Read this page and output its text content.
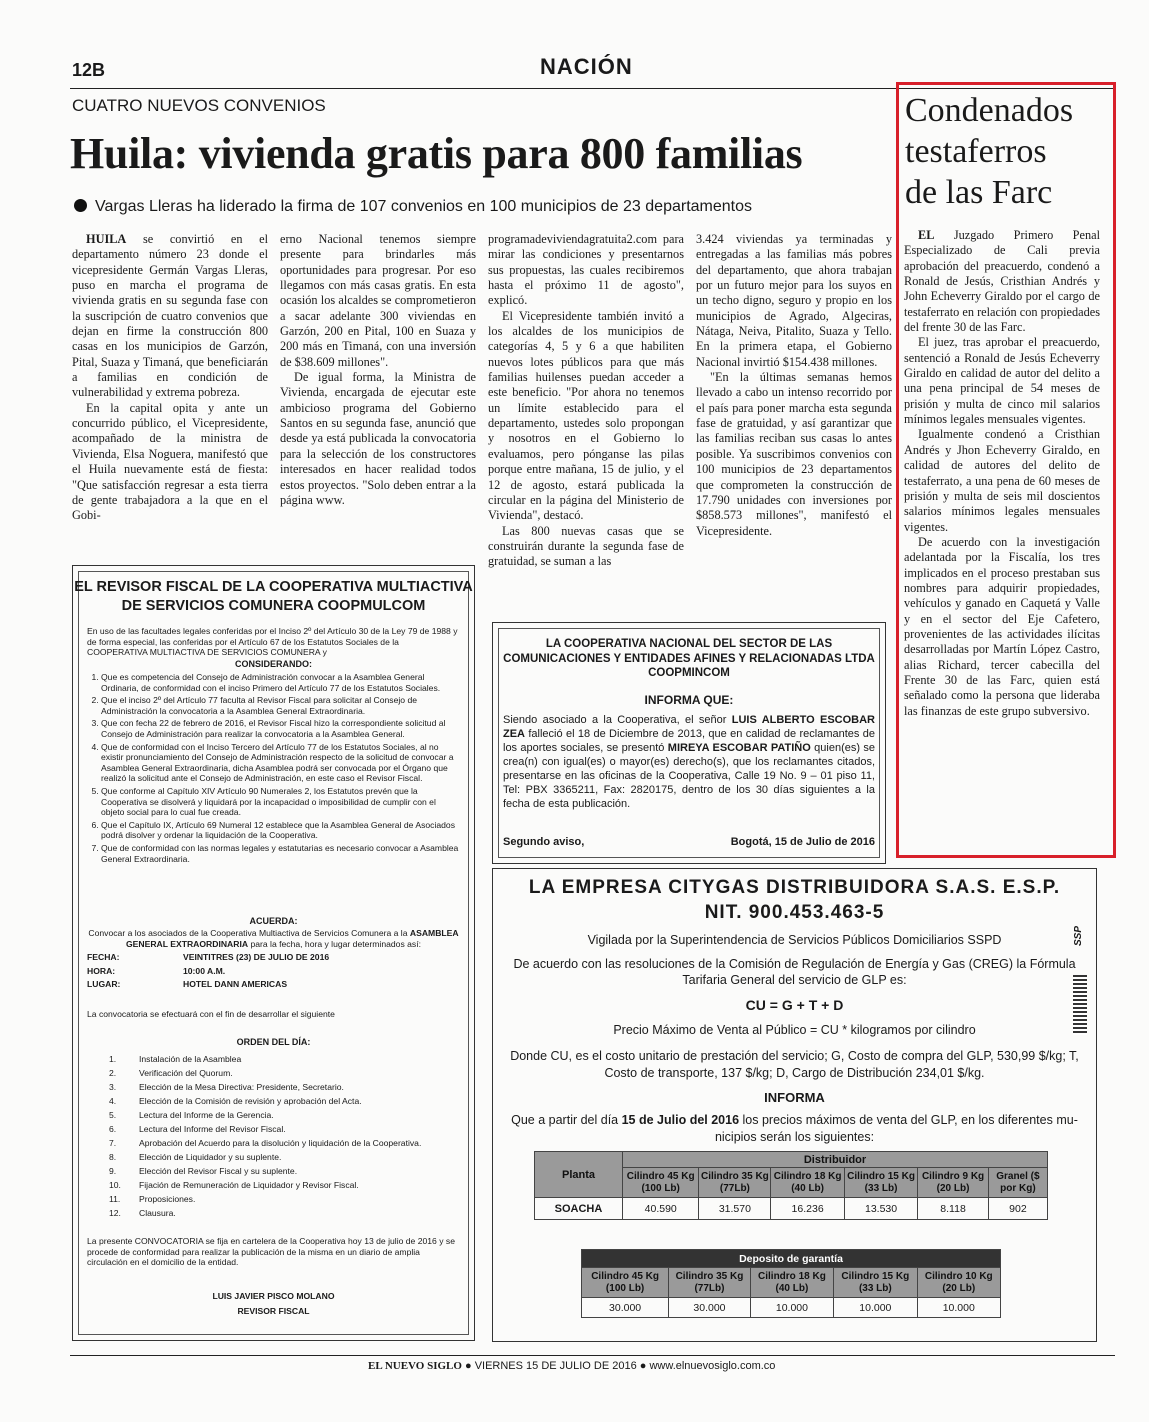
12B	NACIÓN
CUATRO NUEVOS CONVENIOS
Huila: vivienda gratis para 800 familias
Vargas Lleras ha liderado la firma de 107 convenios en 100 municipios de 23 departamentos

HUILA se convirtió en el departamento número 23 donde el vicepresidente Germán Vargas Lleras, puso en marcha el programa de vivienda gratis en su segunda fase con la suscripción de cuatro convenios que dejan en firme la construcción 800 casas en los municipios de Garzón, Pital, Suaza y Timaná, que beneficiarán a familias en condición de vulnerabilidad y extrema pobreza.

En la capital opita y ante un concurrido público, el Vicepresidente, acompañado de la ministra de Vivienda, Elsa Noguera, manifestó que el Huila nuevamente está de fiesta: "Que satisfacción regresar a esta tierra de gente trabajadora a la que en el Gobi-

erno Nacional tenemos siempre presente para brindarles más oportunidades para progresar. Por eso llegamos con más casas gratis. En esta ocasión los alcaldes se comprometieron a sacar adelante 300 viviendas en Garzón, 200 en Pital, 100 en Suaza y 200 más en Timaná, con una inversión de $38.609 millones".

De igual forma, la Ministra de Vivienda, encargada de ejecutar este ambicioso programa del Gobierno Santos en su segunda fase, anunció que desde ya está publicada la convocatoria para la selección de los constructores interesados en hacer realidad todos estos proyectos. "Solo deben entrar a la página www.

programadeviviendagratuita2.com para mirar las condiciones y presentarnos sus propuestas, las cuales recibiremos hasta el próximo 11 de agosto", explicó.

El Vicepresidente también invitó a los alcaldes de los municipios de categorías 4, 5 y 6 a que habiliten nuevos lotes públicos para que más familias huilenses puedan acceder a este beneficio. "Por ahora no tenemos un límite establecido para el departamento, ustedes solo propongan y nosotros en el Gobierno lo evaluamos, pero pónganse las pilas porque entre mañana, 15 de julio, y el 12 de agosto, estará publicada la circular en la página del Ministerio de Vivienda", destacó.

Las 800 nuevas casas que se construirán durante la segunda fase de gratuidad, se suman a las

3.424 viviendas ya terminadas y entregadas a las familias más pobres del departamento, que ahora trabajan por un futuro mejor para los suyos en un techo digno, seguro y propio en los municipios de Agrado, Algeciras, Nátaga, Neiva, Pitalito, Suaza y Tello. En la primera etapa, el Gobierno Nacional invirtió $154.438 millones.

"En la últimas semanas hemos llevado a cabo un intenso recorrido por el país para poner marcha esta segunda fase de gratuidad, y así garantizar que las familias reciban sus casas lo antes posible. Ya suscribimos convenios con 100 municipios de 23 departamentos que comprometen la construcción de 17.790 unidades con inversiones por $858.573 millones", manifestó el Vicepresidente.

Condenados
testaferros
de las Farc

EL Juzgado Primero Penal Especializado de Cali previa aprobación del preacuerdo, condenó a Ronald de Jesús, Cristhian Andrés y John Echeverry Giraldo por el cargo de testaferrato en relación con propiedades del frente 30 de las Farc.

El juez, tras aprobar el preacuerdo, sentenció a Ronald de Jesús Echeverry Giraldo en calidad de autor del delito a una pena principal de 54 meses de prisión y multa de cinco mil salarios mínimos legales mensuales vigentes.

Igualmente condenó a Cristhian Andrés y Jhon Echeverry Giraldo, en calidad de autores del delito de testaferrato, a una pena de 60 meses de prisión y multa de seis mil doscientos salarios mínimos legales mensuales vigentes.

De acuerdo con la investigación adelantada por la Fiscalía, los tres implicados en el proceso prestaban sus nombres para adquirir propiedades, vehículos y ganado en Caquetá y Valle y en el sector del Eje Cafetero, provenientes de las actividades ilícitas desarrolladas por Martín López Castro, alias Richard, tercer cabecilla del Frente 30 de las Farc, quien está señalado como la persona que lideraba las finanzas de este grupo subversivo.

EL REVISOR FISCAL DE LA COOPERATIVA MULTIACTIVA
DE SERVICIOS COMUNERA COOPMULCOM
En uso de las facultades legales conferidas por el Inciso 2º del Artículo 30 de la Ley 79 de 1988 y de forma especial, las conferidas por el Artículo 67 de los Estatutos Sociales de la COOPERATIVA MULTIACTIVA DE SERVICIOS COMUNERA y
CONSIDERANDO:
1. Que es competencia del Consejo de Administración convocar a la Asamblea General Ordinaria, de conformidad con el inciso Primero del Artículo 77 de los Estatutos Sociales.
2. Que el inciso 2º del Artículo 77 faculta al Revisor Fiscal para solicitar al Consejo de Administración la convocatoria a la Asamblea General Extraordinaria.
3. Que con fecha 22 de febrero de 2016, el Revisor Fiscal hizo la correspondiente solicitud al Consejo de Administración para realizar la convocatoria a la Asamblea General.
4. Que de conformidad con el Inciso Tercero del Artículo 77 de los Estatutos Sociales, al no existir pronunciamiento del Consejo de Administración respecto de la solicitud de convocar a Asamblea General Extraordinaria, dicha Asamblea podrá ser convocada por el Órgano que realizó la solicitud ante el Consejo de Administración, en este caso el Revisor Fiscal.
5. Que conforme al Capítulo XIV Artículo 90 Numerales 2, los Estatutos prevén que la Cooperativa se disolverá y liquidará por la incapacidad o imposibilidad de cumplir con el objeto social para lo cual fue creada.
6. Que el Capítulo IX, Artículo 69 Numeral 12 establece que la Asamblea General de Asociados podrá disolver y ordenar la liquidación de la Cooperativa.
7. Que de conformidad con las normas legales y estatutarias es necesario convocar a Asamblea General Extraordinaria.
ACUERDA:
Convocar a los asociados de la Cooperativa Multiactiva de Servicios Comunera a la ASAMBLEA GENERAL EXTRAORDINARIA para la fecha, hora y lugar determinados así:
FECHA:	VEINTITRES (23) DE JULIO DE 2016
HORA:	10:00 A.M.
LUGAR:	HOTEL DANN AMERICAS
La convocatoria se efectuará con el fin de desarrollar el siguiente
ORDEN DEL DÍA:
1.	Instalación de la Asamblea
2.	Verificación del Quorum.
3.	Elección de la Mesa Directiva: Presidente, Secretario.
4.	Elección de la Comisión de revisión y aprobación del Acta.
5.	Lectura del Informe de la Gerencia.
6.	Lectura del Informe del Revisor Fiscal.
7.	Aprobación del Acuerdo para la disolución y liquidación de la Cooperativa.
8.	Elección de Liquidador y su suplente.
9.	Elección del Revisor Fiscal y su suplente.
10.	Fijación de Remuneración de Liquidador y Revisor Fiscal.
11.	Proposiciones.
12.	Clausura.
La presente CONVOCATORIA se fija en cartelera de la Cooperativa hoy 13 de julio de 2016 y se procede de conformidad para realizar la publicación de la misma en un diario de amplia circulación en el domicilio de la entidad.
LUIS JAVIER PISCO MOLANO
REVISOR FISCAL
LA COOPERATIVA NACIONAL DEL SECTOR DE LAS
COMUNICACIONES Y ENTIDADES AFINES Y RELACIONADAS LTDA
COOPMINCOM
INFORMA QUE:
Siendo asociado a la Cooperativa, el señor LUIS ALBERTO ESCOBAR ZEA falleció el 18 de Diciembre de 2013, que en calidad de reclamantes de los aportes sociales, se presentó MIREYA ESCOBAR PATIÑO quien(es) se crea(n) con igual(es) o mayor(es) derecho(s), que los reclamantes citados, presentarse en las oficinas de la Cooperativa, Calle 19 No. 9 – 01 piso 11, Tel: PBX 3365211, Fax: 2820175, dentro de los 30 días siguientes a la fecha de esta publicación.
Segundo aviso,	Bogotá, 15 de Julio de 2016
LA EMPRESA CITYGAS DISTRIBUIDORA S.A.S. E.S.P.
NIT. 900.453.463-5
Vigilada por la Superintendencia de Servicios Públicos Domiciliarios SSPD
De acuerdo con las resoluciones de la Comisión de Regulación de Energía y Gas (CREG) la Fórmula
Tarifaria General del servicio de GLP es:
CU = G + T + D
Precio Máximo de Venta al Público = CU * kilogramos por cilindro
Donde CU, es el costo unitario de prestación del servicio; G, Costo de compra del GLP, 530,99 $/kg; T,
Costo de transporte, 137 $/kg; D, Cargo de Distribución 234,01 $/kg.
INFORMA
Que a partir del día 15 de Julio del 2016 los precios máximos de venta del GLP, en los diferentes mu-
nicipios serán los siguientes:
Planta	Distribuidor					
	Cilindro 45 Kg (100 Lb)	Cilindro 35 Kg (77Lb)	Cilindro 18 Kg (40 Lb)	Cilindro 15 Kg (33 Lb)	Cilindro 9 Kg (20 Lb)	Granel ($ por Kg)
SOACHA	40.590	31.570	16.236	13.530	8.118	902
Deposito de garantía				
Cilindro 45 Kg (100 Lb)	Cilindro 35 Kg (77Lb)	Cilindro 18 Kg (40 Lb)	Cilindro 15 Kg (33 Lb)	Cilindro 10 Kg (20 Lb)
30.000	30.000	10.000	10.000	10.000
SSP
EL NUEVO SIGLO ● VIERNES 15 DE JULIO DE 2016 ● www.elnuevosiglo.com.co
